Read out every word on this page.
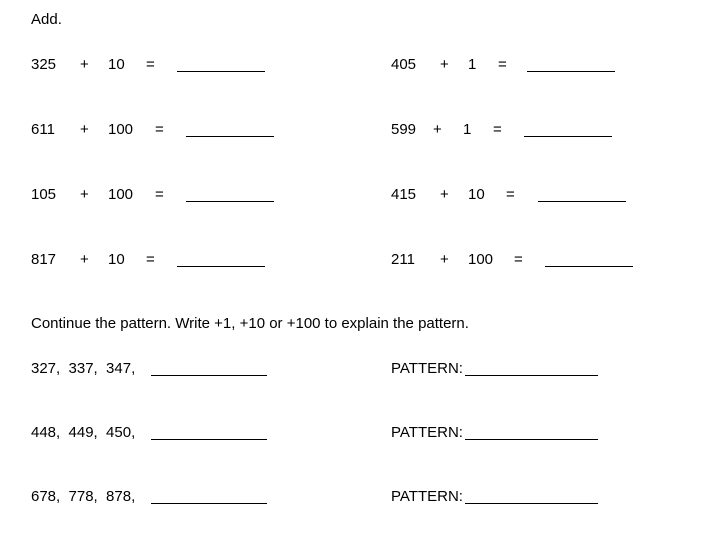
Add.
325 + 10 =	405 + 1 =
611 + 100 =	599 + 1 =
105 + 100 =	415 + 10 =
817 + 10 =	211 + 100 =
Continue the pattern. Write +1, +10 or +100 to explain the pattern.
327,  337,  347,	PATTERN:
448,  449,  450,	PATTERN:
678,  778,  878,	PATTERN:
